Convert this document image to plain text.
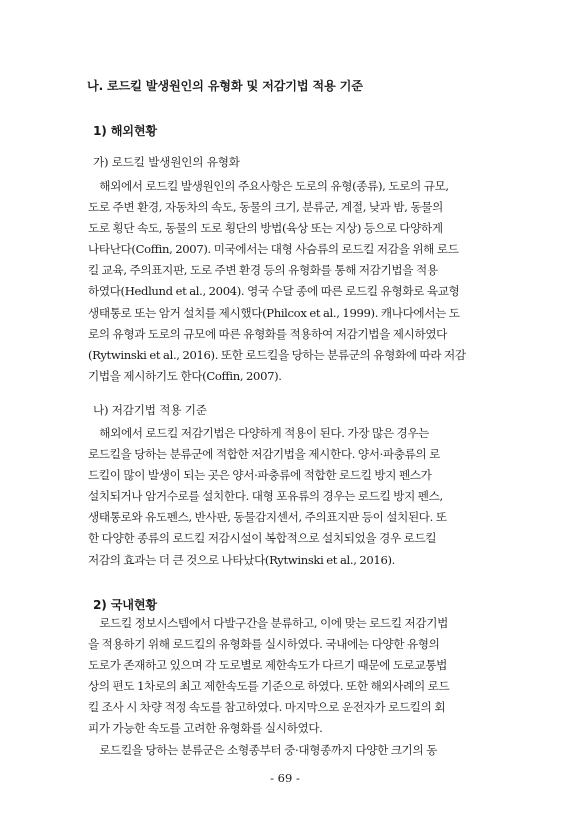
나. 로드킬 발생원인의 유형화 및 저감기법 적용 기준
1) 해외현황
가) 로드킬 발생원인의 유형화
　해외에서 로드킬 발생원인의 주요사항은 도로의 유형(종류), 도로의 규모,
도로 주변 환경, 자동차의 속도, 동물의 크기, 분류군, 계절, 낮과 밤, 동물의
도로 횡단 속도, 동물의 도로 횡단의 방법(육상 또는 지상) 등으로 다양하게
나타난다(Coffin, 2007). 미국에서는 대형 사슴류의 로드킬 저감을 위해 로드
킬 교육, 주의표지판, 도로 주변 환경 등의 유형화를 통해 저감기법을 적용
하였다(Hedlund et al., 2004). 영국 수달 종에 따른 로드킬 유형화로 육교형
생태통로 또는 암거 설치를 제시했다(Philcox et al., 1999). 캐나다에서는 도
로의 유형과 도로의 규모에 따른 유형화를 적용하여 저감기법을 제시하였다
(Rytwinski et al., 2016). 또한 로드킬을 당하는 분류군의 유형화에 따라 저감
기법을 제시하기도 한다(Coffin, 2007).
나) 저감기법 적용 기준
　해외에서 로드킬 저감기법은 다양하게 적용이 된다. 가장 많은 경우는
로드킬을 당하는 분류군에 적합한 저감기법을 제시한다. 양서·파충류의 로
드킬이 많이 발생이 되는 곳은 양서·파충류에 적합한 로드킬 방지 펜스가
설치되거나 암거수로를 설치한다. 대형 포유류의 경우는 로드킬 방지 펜스,
생태통로와 유도펜스, 반사판, 동물감지센서, 주의표지판 등이 설치된다. 또
한 다양한 종류의 로드킬 저감시설이 복합적으로 설치되었을 경우 로드킬
저감의 효과는 더 큰 것으로 나타났다(Rytwinski et al., 2016).
2) 국내현황
　로드킬 정보시스템에서 다발구간을 분류하고, 이에 맞는 로드킬 저감기법
을 적용하기 위해 로드킬의 유형화를 실시하였다. 국내에는 다양한 유형의
도로가 존재하고 있으며 각 도로별로 제한속도가 다르기 때문에 도로교통법
상의 편도 1차로의 최고 제한속도를 기준으로 하였다. 또한 해외사례의 로드
킬 조사 시 차량 적정 속도를 참고하였다. 마지막으로 운전자가 로드킬의 회
피가 가능한 속도를 고려한 유형화를 실시하였다.
　로드킬을 당하는 분류군은 소형종부터 중·대형종까지 다양한 크기의 동
- 69 -
